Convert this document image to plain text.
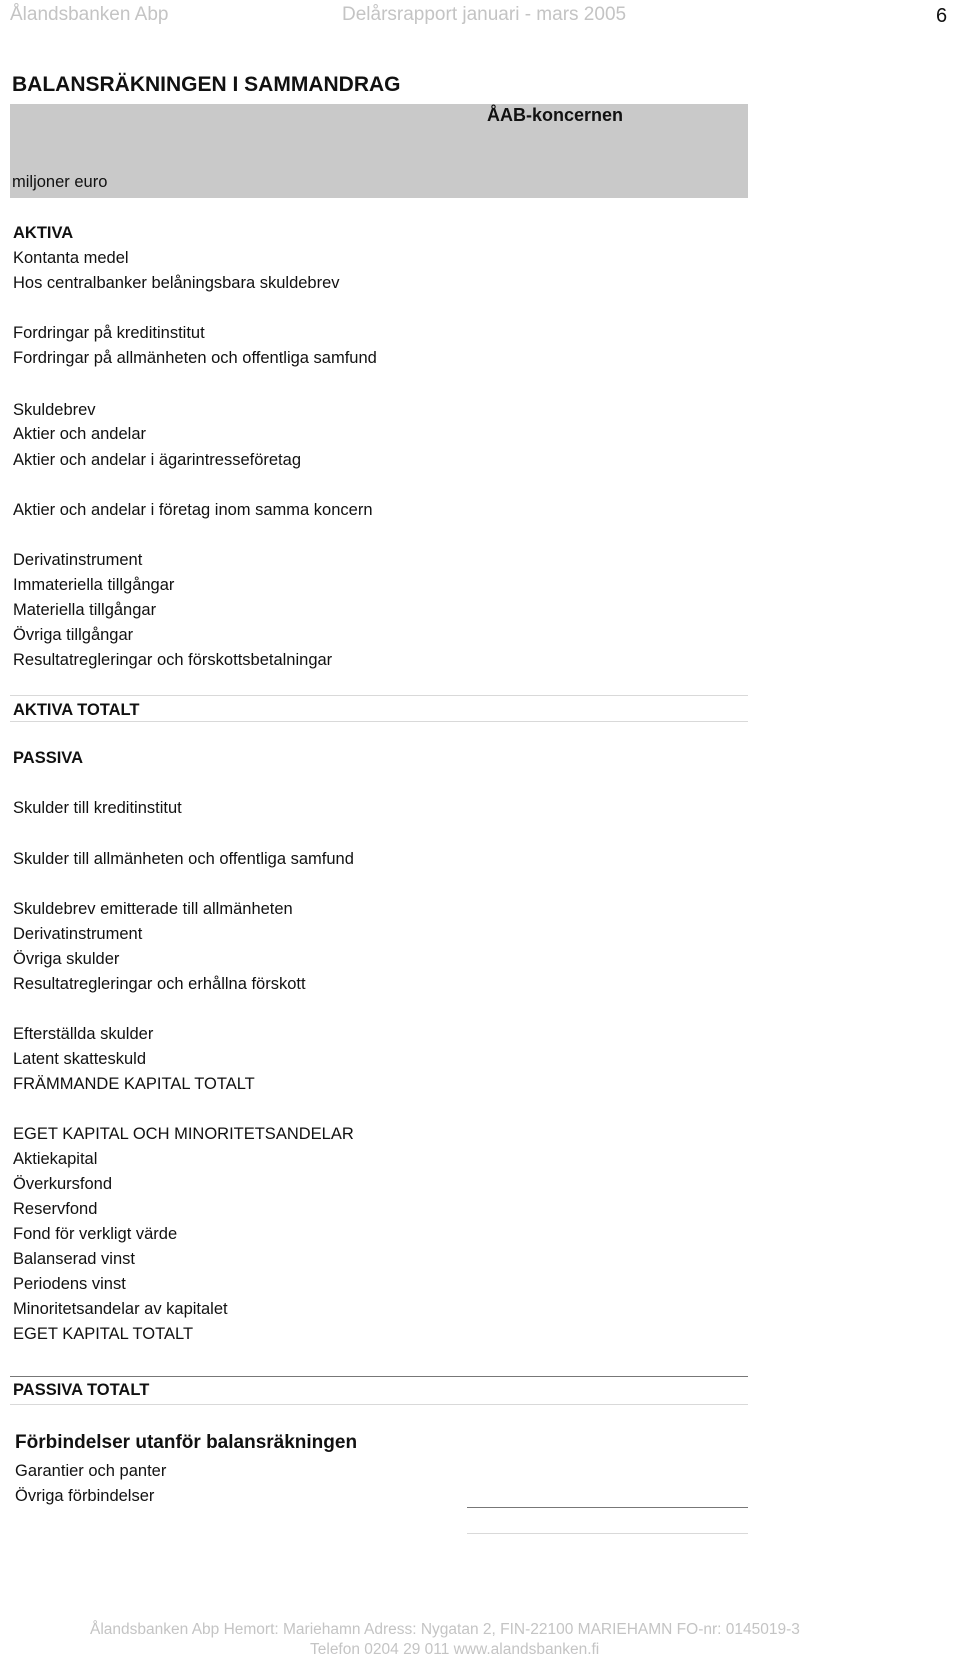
Ålandsbanken Abp	Delårsrapport januari - mars 2005	6
BALANSRÄKNINGEN I SAMMANDRAG
ÅAB-koncernen
miljoner euro
AKTIVA
Kontanta medel
Hos centralbanker belåningsbara skuldebrev
Fordringar på kreditinstitut
Fordringar på allmänheten och offentliga samfund
Skuldebrev
Aktier och andelar
Aktier och andelar i ägarintresseföretag
Aktier och andelar i företag inom samma koncern
Derivatinstrument
Immateriella tillgångar
Materiella tillgångar
Övriga tillgångar
Resultatregleringar och förskottsbetalningar
AKTIVA TOTALT
PASSIVA
Skulder till kreditinstitut
Skulder till allmänheten och offentliga samfund
Skuldebrev emitterade till allmänheten
Derivatinstrument
Övriga skulder
Resultatregleringar och erhållna förskott
Efterställda skulder
Latent skatteskuld
FRÄMMANDE KAPITAL TOTALT
EGET KAPITAL OCH MINORITETSANDELAR
Aktiekapital
Överkursfond
Reservfond
Fond för verkligt värde
Balanserad vinst
Periodens vinst
Minoritetsandelar av kapitalet
EGET KAPITAL TOTALT
PASSIVA TOTALT
Förbindelser utanför balansräkningen
Garantier och panter
Övriga förbindelser
Ålandsbanken Abp Hemort: Mariehamn Adress: Nygatan 2, FIN-22100 MARIEHAMN FO-nr: 0145019-3
Telefon 0204 29 011 www.alandsbanken.fi
